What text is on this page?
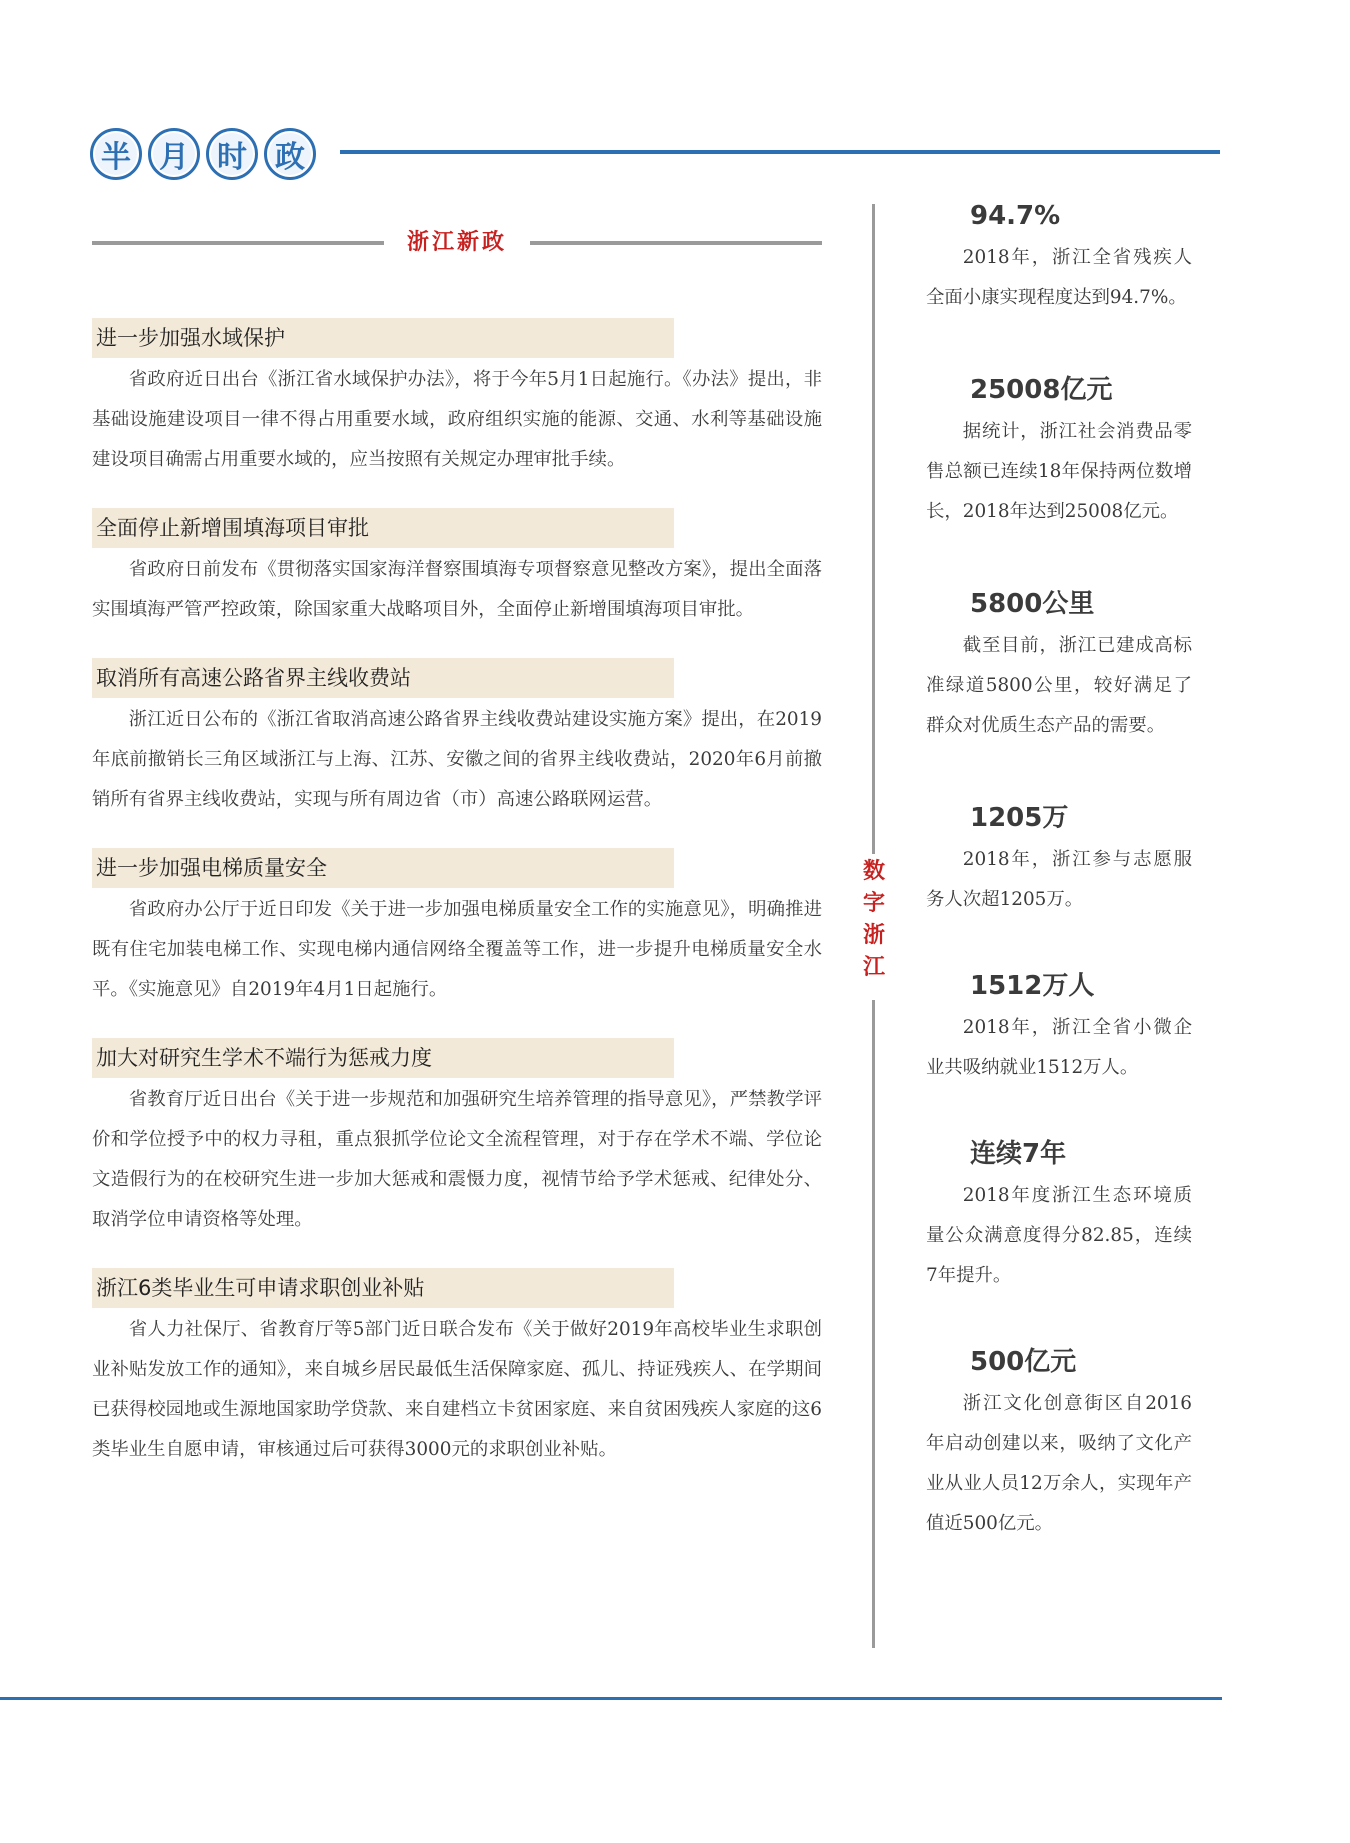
半 月 时 政
浙江新政
进一步加强水域保护
省政府近日出台《浙江省水域保护办法》，将于今年5月1日起施行。《办法》提出，非基础设施建设项目一律不得占用重要水域，政府组织实施的能源、交通、水利等基础设施建设项目确需占用重要水域的，应当按照有关规定办理审批手续。
全面停止新增围填海项目审批
省政府日前发布《贯彻落实国家海洋督察围填海专项督察意见整改方案》，提出全面落实围填海严管严控政策，除国家重大战略项目外，全面停止新增围填海项目审批。
取消所有高速公路省界主线收费站
浙江近日公布的《浙江省取消高速公路省界主线收费站建设实施方案》提出，在2019年底前撤销长三角区域浙江与上海、江苏、安徽之间的省界主线收费站，2020年6月前撤销所有省界主线收费站，实现与所有周边省（市）高速公路联网运营。
进一步加强电梯质量安全
省政府办公厅于近日印发《关于进一步加强电梯质量安全工作的实施意见》，明确推进既有住宅加装电梯工作、实现电梯内通信网络全覆盖等工作，进一步提升电梯质量安全水平。《实施意见》自2019年4月1日起施行。
加大对研究生学术不端行为惩戒力度
省教育厅近日出台《关于进一步规范和加强研究生培养管理的指导意见》，严禁教学评价和学位授予中的权力寻租，重点狠抓学位论文全流程管理，对于存在学术不端、学位论文造假行为的在校研究生进一步加大惩戒和震慑力度，视情节给予学术惩戒、纪律处分、取消学位申请资格等处理。
浙江6类毕业生可申请求职创业补贴
省人力社保厅、省教育厅等5部门近日联合发布《关于做好2019年高校毕业生求职创业补贴发放工作的通知》，来自城乡居民最低生活保障家庭、孤儿、持证残疾人、在学期间已获得校园地或生源地国家助学贷款、来自建档立卡贫困家庭、来自贫困残疾人家庭的这6类毕业生自愿申请，审核通过后可获得3000元的求职创业补贴。
数
字
浙
江
94.7%
2018年，浙江全省残疾人全面小康实现程度达到94.7%。
25008亿元
据统计，浙江社会消费品零售总额已连续18年保持两位数增长，2018年达到25008亿元。
5800公里
截至目前，浙江已建成高标准绿道5800公里，较好满足了群众对优质生态产品的需要。
1205万
2018年，浙江参与志愿服务人次超1205万。
1512万人
2018年，浙江全省小微企业共吸纳就业1512万人。
连续7年
2018年度浙江生态环境质量公众满意度得分82.85，连续7年提升。
500亿元
浙江文化创意街区自2016年启动创建以来，吸纳了文化产业从业人员12万余人，实现年产值近500亿元。
